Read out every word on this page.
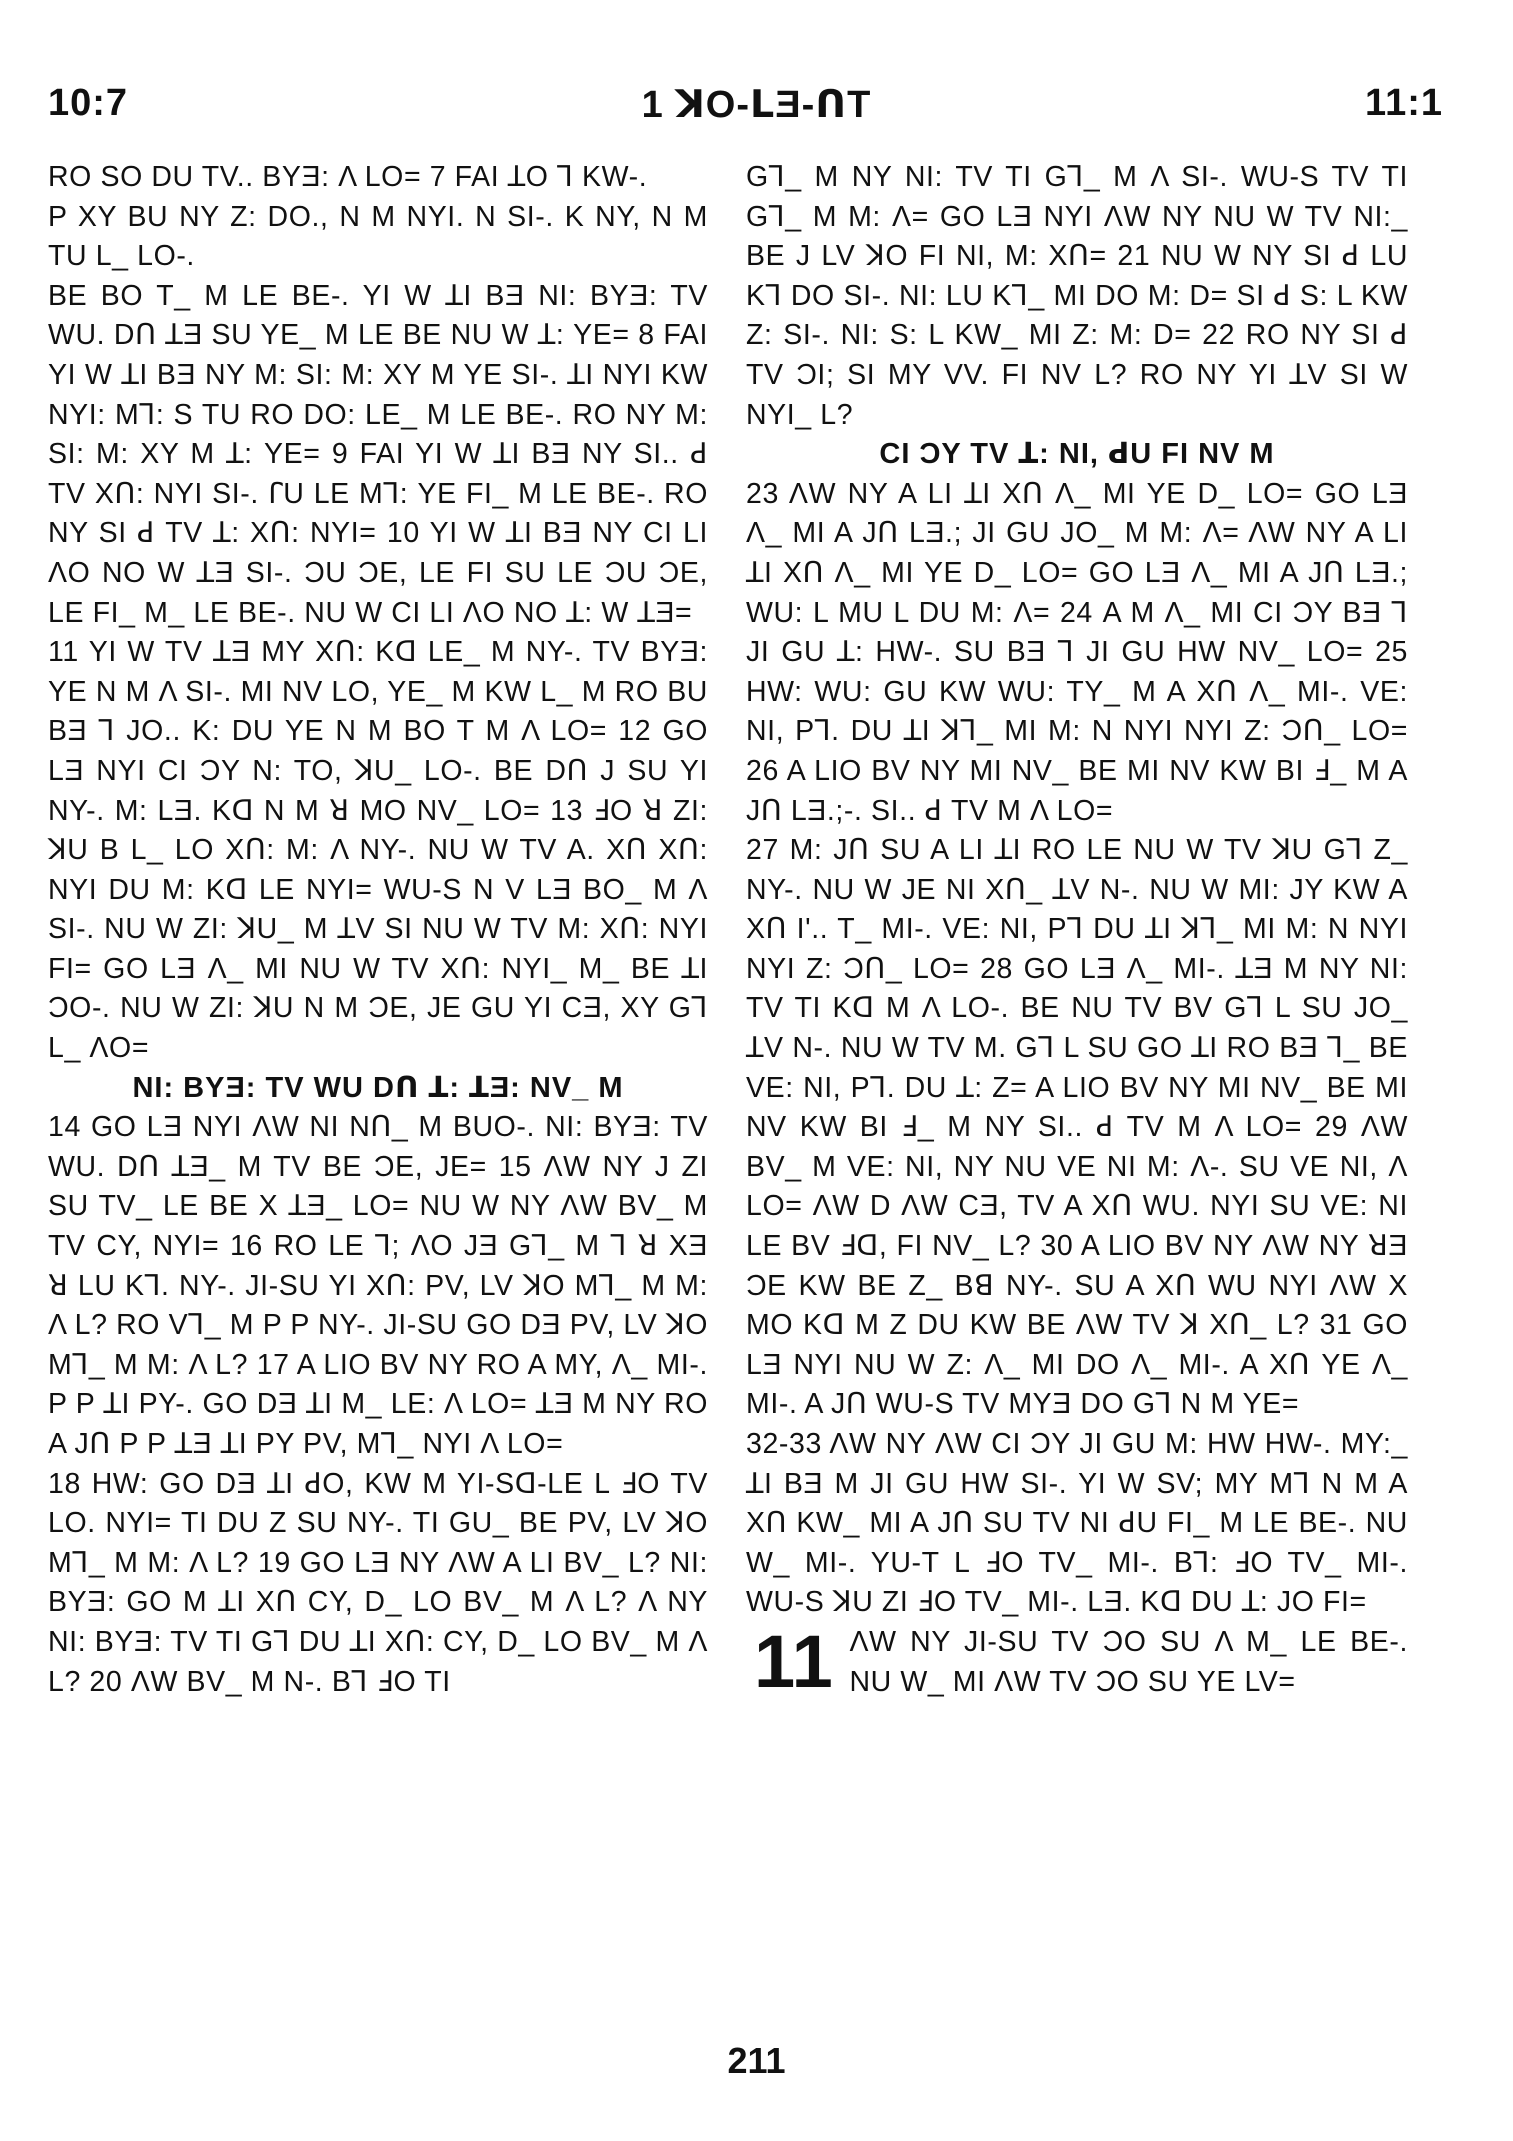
10:7	1 ꓘO-ꓡƎ-ꓵT	11:1

RO SO DU TV.. BYƎ: Λ LO= 7 FAI ꓕO ꓶ KW-.

P XY BU NY Z: DO., N M NYI. N SI-. K NY, N M TU L_ LO-.

BE BO T_ M LE BE-. YI W ꓕI BƎ NI: BYƎ: TV WU. Dꓵ ꓕƎ SU YE_ M LE BE NU W ꓕ: YE= 8 FAI YI W ꓕI BƎ NY M: SI: M: XY M YE SI-. ꓕI NYI KW NYI: Mꓶ: S TU RO DO: LE_ M LE BE-. RO NY M: SI: M: XY M ꓕ: YE= 9 FAI YI W ꓕI BƎ NY SI.. ꓒ TV Xꓵ: NYI SI-. ꓩU LE Mꓶ: YE FI_ M LE BE-. RO NY SI ꓒ TV ꓕ: Xꓵ: NYI= 10 YI W ꓕI BƎ NY CI LI ΛO NO W ꓕƎ SI-. ƆU ƆE, LE FI SU LE ƆU ƆE, LE FI_ M_ LE BE-. NU W CI LI ΛO NO ꓕ: W ꓕƎ=

11 YI W TV ꓕƎ MY Xꓵ: Kꓷ LE_ M NY-. TV BYƎ: YE N M Λ SI-. MI NV LO, YE_ M KW L_ M RO BU BƎ ꓶ JO.. K: DU YE N M BO T M Λ LO= 12 GO LƎ NYI CI ƆY N: TO, ꓘU_ LO-. BE Dꓵ J SU YI NY-. M: LƎ. Kꓷ N M ꓤ MO NV_ LO= 13 ꓞO ꓤ ZI: ꓘU B L_ LO Xꓵ: M: Λ NY-. NU W TV A. Xꓵ Xꓵ: NYI DU M: Kꓷ LE NYI= WU-S N V LƎ BO_ M Λ SI-. NU W ZI: ꓘU_ M ꓕV SI NU W TV M: Xꓵ: NYI FI= GO LƎ Λ_ MI NU W TV Xꓵ: NYI_ M_ BE ꓕI ƆO-. NU W ZI: ꓘU N M ƆE, JE GU YI CƎ, XY Gꓶ L_ ΛO=

NI: BYƎ: TV WU Dꓵ ꓕ: ꓕƎ: NV_ M

14 GO LƎ NYI ΛW NI Nꓵ_ M BUO-. NI: BYƎ: TV WU. Dꓵ ꓕƎ_ M TV BE ƆE, JE= 15 ΛW NY J ZI SU TV_ LE BE X ꓕƎ_ LO= NU W NY ΛW BV_ M TV CY, NYI= 16 RO LE ꓶ; ΛO JƎ Gꓶ_ M ꓶ ꓤ XƎ ꓤ LU Kꓶ. NY-. JI-SU YI Xꓵ: PV, LV ꓘO Mꓶ_ M M: Λ L? RO Vꓶ_ M P P NY-. JI-SU GO DƎ PV, LV ꓘO Mꓶ_ M M: Λ L? 17 A LIO BV NY RO A MY, Λ_ MI-. P P ꓕI PY-. GO DƎ ꓕI M_ LE: Λ LO= ꓕƎ M NY RO A Jꓵ P P ꓕƎ ꓕI PY PV, Mꓶ_ NYI Λ LO=

18 HW: GO DƎ ꓕI ꓒO, KW M YI-Sꓷ-LE L ꓞO TV LO. NYI= TI DU Z SU NY-. TI GU_ BE PV, LV ꓘO Mꓶ_ M M: Λ L? 19 GO LƎ NY ΛW A LI BV_ L? NI: BYƎ: GO M ꓕI Xꓵ CY, D_ LO BV_ M Λ L? Λ NY NI: BYƎ: TV TI Gꓶ DU ꓕI Xꓵ: CY, D_ LO BV_ M Λ L? 20 ΛW BV_ M N-. Bꓶ ꓞO TI

Gꓶ_ M NY NI: TV TI Gꓶ_ M Λ SI-. WU-S TV TI Gꓶ_ M M: Λ= GO LƎ NYI ΛW NY NU W TV NI:_ BE J LV ꓘO FI NI, M: Xꓵ= 21 NU W NY SI ꓒ LU Kꓶ DO SI-. NI: LU Kꓶ_ MI DO M: D= SI ꓒ S: L KW Z: SI-. NI: S: L KW_ MI Z: M: D= 22 RO NY SI ꓒ TV ƆI; SI MY VV. FI NV L? RO NY YI ꓕV SI W NYI_ L?

CI ƆY TV ꓕ: NI, ꓒU FI NV M

23 ΛW NY A LI ꓕI Xꓵ Λ_ MI YE D_ LO= GO LƎ Λ_ MI A Jꓵ LƎ.; JI GU JO_ M M: Λ= ΛW NY A LI ꓕI Xꓵ Λ_ MI YE D_ LO= GO LƎ Λ_ MI A Jꓵ LƎ.; WU: L MU L DU M: Λ= 24 A M Λ_ MI CI ƆY BƎ ꓶ JI GU ꓕ: HW-. SU BƎ ꓶ JI GU HW NV_ LO= 25 HW: WU: GU KW WU: TY_ M A Xꓵ Λ_ MI-. VE: NI, Pꓶ. DU ꓕI ꓘꓶ_ MI M: N NYI NYI Z: Ɔꓵ_ LO= 26 A LIO BV NY MI NV_ BE MI NV KW BI ꓞ_ M A Jꓵ LƎ.;-. SI.. ꓒ TV M Λ LO=

27 M: Jꓵ SU A LI ꓕI RO LE NU W TV ꓘU Gꓶ Z_ NY-. NU W JE NI Xꓵ_ ꓕV N-. NU W MI: JY KW A Xꓵ I'.. T_ MI-. VE: NI, Pꓶ DU ꓕI ꓘꓶ_ MI M: N NYI NYI Z: Ɔꓵ_ LO= 28 GO LƎ Λ_ MI-. ꓕƎ M NY NI: TV TI Kꓷ M Λ LO-. BE NU TV BV Gꓶ L SU JO_ ꓕV N-. NU W TV M. Gꓶ L SU GO ꓕI RO BƎ ꓶ_ BE VE: NI, Pꓶ. DU ꓕ: Z= A LIO BV NY MI NV_ BE MI NV KW BI ꓞ_ M NY SI.. ꓒ TV M Λ LO= 29 ΛW BV_ M VE: NI, NY NU VE NI M: Λ-. SU VE NI, Λ LO= ΛW D ΛW CƎ, TV A Xꓵ WU. NYI SU VE: NI LE BV ꓞꓷ, FI NV_ L? 30 A LIO BV NY ΛW NY ꓤƎ ƆE KW BE Z_ Bꓭ NY-. SU A Xꓵ WU NYI ΛW X MO Kꓷ M Z DU KW BE ΛW TV ꓘ Xꓵ_ L? 31 GO LƎ NYI NU W Z: Λ_ MI DO Λ_ MI-. A Xꓵ YE Λ_ MI-. A Jꓵ WU-S TV MYƎ DO Gꓶ N M YE=

32-33 ΛW NY ΛW CI ƆY JI GU M: HW HW-. MY:_ ꓕI BƎ M JI GU HW SI-. YI W SV; MY Mꓶ N M A Xꓵ KW_ MI A Jꓵ SU TV NI ꓒU FI_ M LE BE-. NU W_ MI-. YU-T L ꓞO TV_ MI-. Bꓶ: ꓞO TV_ MI-. WU-S ꓘU ZI ꓞO TV_ MI-. LƎ. Kꓷ DU ꓕ: JO FI=

11 ΛW NY JI-SU TV ƆO SU Λ M_ LE BE-. NU W_ MI ΛW TV ƆO SU YE LV=

211
